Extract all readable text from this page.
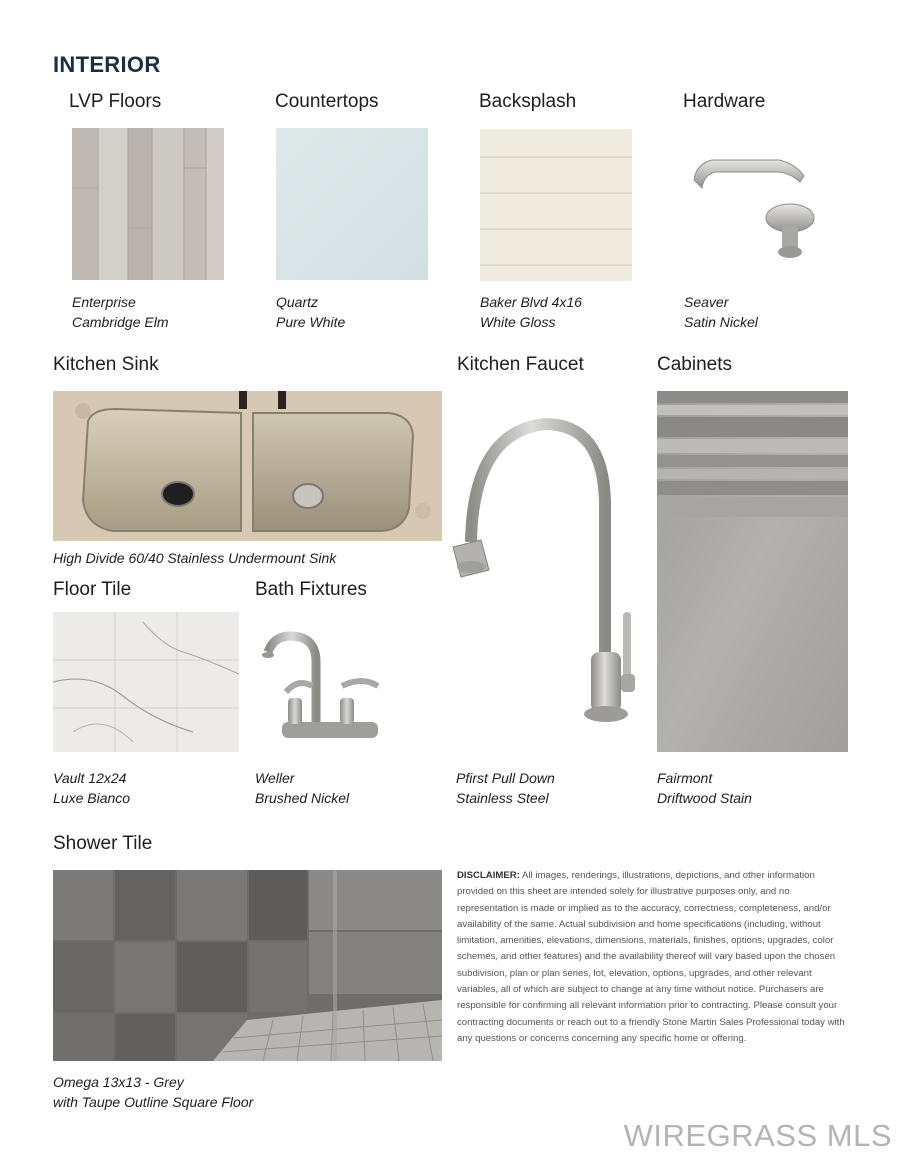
INTERIOR
LVP Floors
Enterprise
Cambridge Elm
Countertops
Quartz
Pure White
Backsplash
Baker Blvd 4x16
White Gloss
Hardware
Seaver
Satin Nickel
Kitchen Sink
High Divide 60/40 Stainless Undermount Sink
Kitchen Faucet
Pfirst Pull Down
Stainless Steel
Cabinets
Fairmont
Driftwood Stain
Floor Tile
Vault 12x24
Luxe Bianco
Bath Fixtures
Weller
Brushed Nickel
Shower Tile
Omega 13x13 - Grey
with Taupe Outline Square Floor
DISCLAIMER: All images, renderings, illustrations, depictions, and other information provided on this sheet are intended solely for illustrative purposes only, and no representation is made or implied as to the accuracy, correctness, completeness, and/or availability of the same. Actual subdivision and home specifications (including, without limitation, amenities, elevations, dimensions, materials, finishes, options, upgrades, color schemes, and other features) and the availability thereof will vary based upon the chosen subdivision, plan or plan series, lot, elevation, options, upgrades, and other relevant variables, all of which are subject to change at any time without notice. Purchasers are responsible for confirming all relevant information prior to contracting. Please consult your contracting documents or reach out to a friendly Stone Martin Sales Professional today with any questions or concerns concerning any specific home or offering.
WIREGRASS MLS
